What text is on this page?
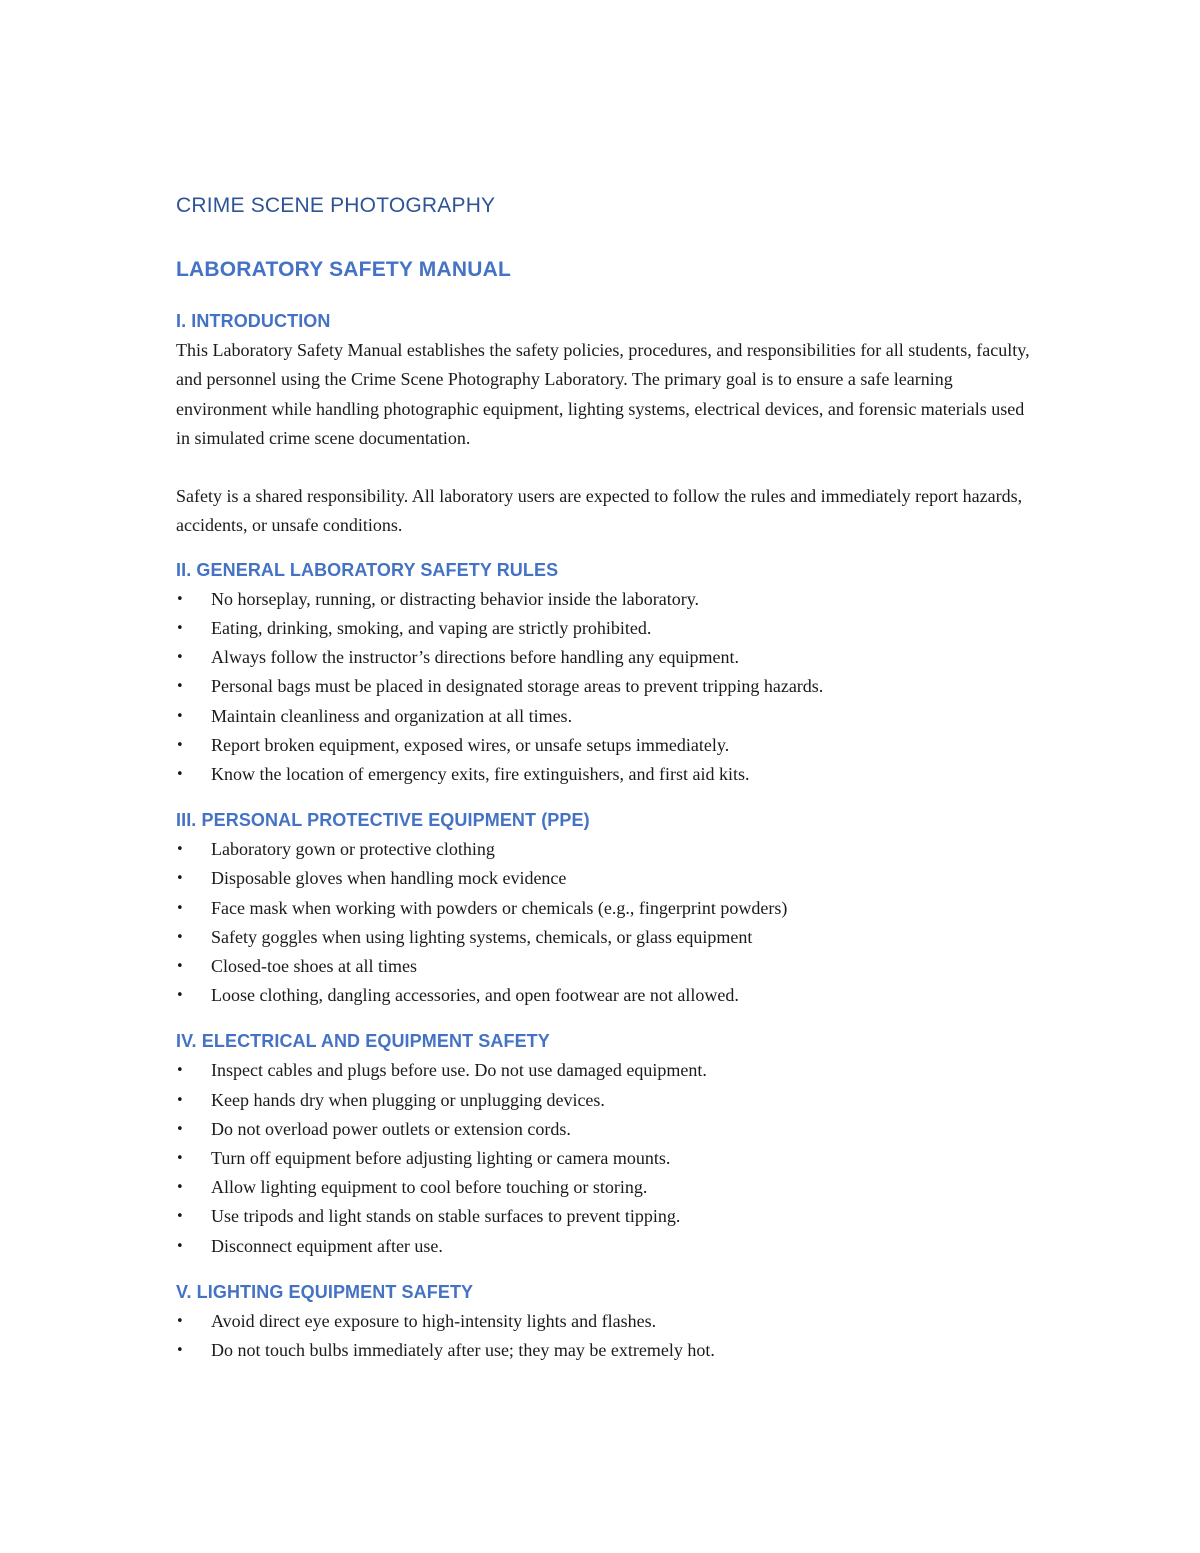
CRIME SCENE PHOTOGRAPHY
LABORATORY SAFETY MANUAL
I. INTRODUCTION

This Laboratory Safety Manual establishes the safety policies, procedures, and responsibilities for all students, faculty, and personnel using the Crime Scene Photography Laboratory. The primary goal is to ensure a safe learning environment while handling photographic equipment, lighting systems, electrical devices, and forensic materials used in simulated crime scene documentation.

Safety is a shared responsibility. All laboratory users are expected to follow the rules and immediately report hazards, accidents, or unsafe conditions.

II. GENERAL LABORATORY SAFETY RULES
• No horseplay, running, or distracting behavior inside the laboratory.
• Eating, drinking, smoking, and vaping are strictly prohibited.
• Always follow the instructor’s directions before handling any equipment.
• Personal bags must be placed in designated storage areas to prevent tripping hazards.
• Maintain cleanliness and organization at all times.
• Report broken equipment, exposed wires, or unsafe setups immediately.
• Know the location of emergency exits, fire extinguishers, and first aid kits.
III. PERSONAL PROTECTIVE EQUIPMENT (PPE)
• Laboratory gown or protective clothing
• Disposable gloves when handling mock evidence
• Face mask when working with powders or chemicals (e.g., fingerprint powders)
• Safety goggles when using lighting systems, chemicals, or glass equipment
• Closed-toe shoes at all times
• Loose clothing, dangling accessories, and open footwear are not allowed.
IV. ELECTRICAL AND EQUIPMENT SAFETY
• Inspect cables and plugs before use. Do not use damaged equipment.
• Keep hands dry when plugging or unplugging devices.
• Do not overload power outlets or extension cords.
• Turn off equipment before adjusting lighting or camera mounts.
• Allow lighting equipment to cool before touching or storing.
• Use tripods and light stands on stable surfaces to prevent tipping.
• Disconnect equipment after use.
V. LIGHTING EQUIPMENT SAFETY
• Avoid direct eye exposure to high-intensity lights and flashes.
• Do not touch bulbs immediately after use; they may be extremely hot.
